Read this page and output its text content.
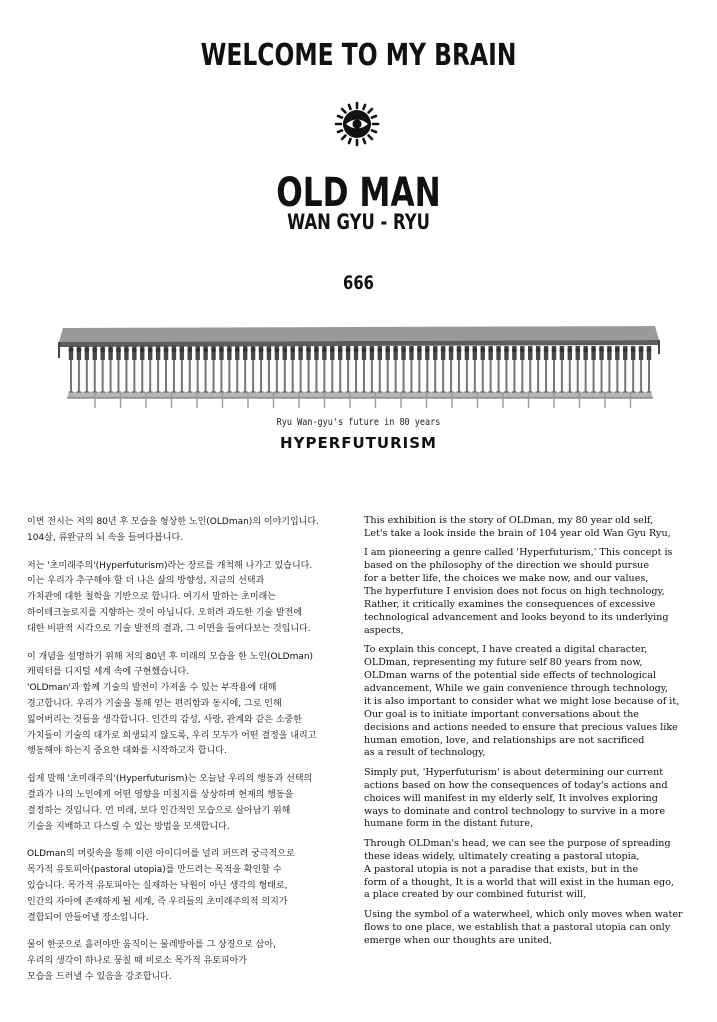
WELCOME TO MY BRAIN
OLD MAN
WAN GYU - RYU
666
Ryu Wan-gyu's future in 80 years
HYPERFUTURISM
이번 전시는 저의 80년 후 모습을 형상한 노인(OLDman)의 이야기입니다.
104살, 류완규의 뇌 속을 들여다봅니다.
저는 '초미래주의'(Hyperfuturism)라는 장르를 개척해 나가고 있습니다.
이는 우리가 추구해야 할 더 나은 삶의 방향성, 지금의 선택과
가치관에 대한 철학을 기반으로 합니다. 여기서 말하는 초미래는
하이테크놀로지를 지향하는 것이 아닙니다. 오히려 과도한 기술 발전에
대한 비판적 시각으로 기술 발전의 결과, 그 이면을 들여다보는 것입니다.
이 개념을 설명하기 위해 저의 80년 후 미래의 모습을 한 노인(OLDman)
캐릭터를 디지털 세계 속에 구현했습니다.
'OLDman'과 함께 기술의 발전이 가져올 수 있는 부작용에 대해
경고합니다. 우리가 기술을 통해 얻는 편리함과 동시에, 그로 인해
잃어버리는 것들을 생각합니다. 인간의 감성, 사랑, 관계와 같은 소중한
가치들이 기술의 대가로 희생되지 않도록, 우리 모두가 어떤 결정을 내리고
행동해야 하는지 중요한 대화를 시작하고자 합니다.
쉽게 말해 '초미래주의'(Hyperfuturism)는 오늘날 우리의 행동과 선택의
결과가 나의 노인에게 어떤 영향을 미칠지를 상상하며 현재의 행동을
결정하는 것입니다. 먼 미래, 보다 인간적인 모습으로 살아남기 위해
기술을 지배하고 다스릴 수 있는 방법을 모색합니다.
OLDman의 머릿속을 통해 이런 아이디어를 널리 퍼뜨려 궁극적으로
목가적 유토피아(pastoral utopia)를 만드려는 목적을 확인할 수
있습니다. 목가적 유토피아는 실재하는 낙원이 아닌 생각의 형태로,
인간의 자아에 존재하게 될 세계, 즉 우리들의 초미래주의적 의지가
결합되어 만들어낼 장소입니다.
물이 한곳으로 흘러야만 움직이는 물레방아를 그 상징으로 삼아,
우리의 생각이 하나로 뭉칠 때 비로소 목가적 유토피아가
모습을 드러낼 수 있음을 강조합니다.
This exhibition is the story of OLDman, my 80 year old self,
Let's take a look inside the brain of 104 year old Wan Gyu Ryu,
I am pioneering a genre called 'Hyperfuturism,' This concept is
based on the philosophy of the direction we should pursue
for a better life, the choices we make now, and our values,
The hyperfuture I envision does not focus on high technology,
Rather, it critically examines the consequences of excessive
technological advancement and looks beyond to its underlying
aspects,
To explain this concept, I have created a digital character,
OLDman, representing my future self 80 years from now,
OLDman warns of the potential side effects of technological
advancement, While we gain convenience through technology,
it is also important to consider what we might lose because of it,
Our goal is to initiate important conversations about the
decisions and actions needed to ensure that precious values like
human emotion, love, and relationships are not sacrificed
as a result of technology,
Simply put, 'Hyperfuturism' is about determining our current
actions based on how the consequences of today's actions and
choices will manifest in my elderly self, It involves exploring
ways to dominate and control technology to survive in a more
humane form in the distant future,
Through OLDman's head, we can see the purpose of spreading
these ideas widely, ultimately creating a pastoral utopia,
A pastoral utopia is not a paradise that exists, but in the
form of a thought, It is a world that will exist in the human ego,
a place created by our combined futurist will,
Using the symbol of a waterwheel, which only moves when water
flows to one place, we establish that a pastoral utopia can only
emerge when our thoughts are united,
